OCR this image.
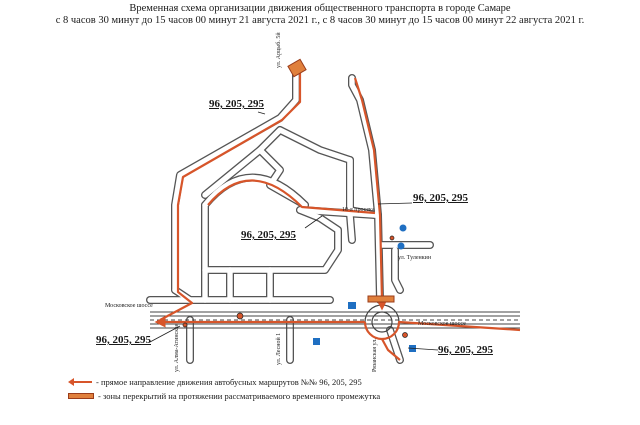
Временная схема организации движения общественного транспорта в городе Самаре
с 8 часов 30 минут до 15 часов 00 минут 21 августа 2021 г., с 8 часов 30 минут до 15 часов 00 минут 22 августа 2021 г.
96, 205, 295
96, 205, 295
96, 205, 295
96, 205, 295
96, 205, 295
ул. Арцыб. 5й
10-я просека
ул. Туленкин
Московское шоссе
Московское шоссе
ул. Алма-Атинская	ул. Лесной 1	Рязанская ул.
- прямое направление движения автобусных маршрутов №№ 96, 205, 295
- зоны перекрытий на протяжении рассматриваемого временного промежутка
